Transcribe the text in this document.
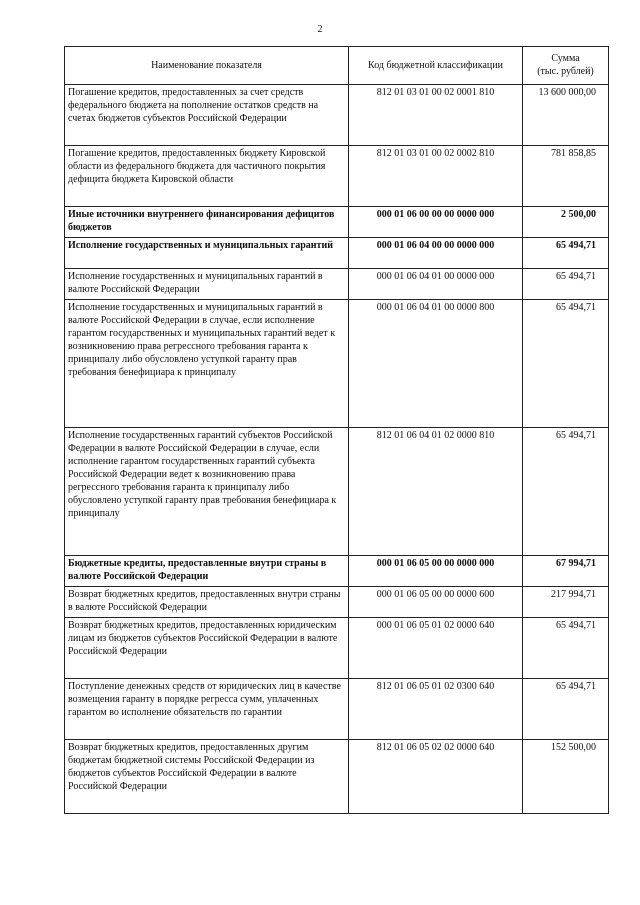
2
Наименование показателя	Код бюджетной классификации	Сумма
(тыс. рублей)
Погашение кредитов, предоставленных за счет средств федерального бюджета на пополнение остатков средств на счетах бюджетов субъектов Российской Федерации	812 01 03 01 00 02 0001 810	13 600 000,00
Погашение кредитов, предоставленных бюджету Кировской области из федерального бюджета для частичного покрытия дефицита бюджета Кировской области	812 01 03 01 00 02 0002 810	781 858,85
Иные источники внутреннего финансирования дефицитов бюджетов	000 01 06 00 00 00 0000 000	2 500,00
Исполнение государственных и муниципальных гарантий	000 01 06 04 00 00 0000 000	65 494,71
Исполнение государственных и муниципальных гарантий в валюте Российской Федерации	000 01 06 04 01 00 0000 000	65 494,71
Исполнение государственных и муниципальных гарантий в валюте Российской Федерации в случае, если исполнение гарантом государственных и муниципальных гарантий ведет к возникновению права регрессного требования гаранта к принципалу либо обусловлено уступкой гаранту прав требования бенефициара к принципалу	000 01 06 04 01 00 0000 800	65 494,71
Исполнение государственных гарантий субъектов Российской Федерации в валюте Российской Федерации в случае, если исполнение гарантом государственных гарантий субъекта Российской Федерации ведет к возникновению права регрессного требования гаранта к принципалу либо обусловлено уступкой гаранту прав требования бенефициара к принципалу	812 01 06 04 01 02 0000 810	65 494,71
Бюджетные кредиты, предоставленные внутри страны в валюте Российской Федерации	000 01 06 05 00 00 0000 000	67 994,71
Возврат бюджетных кредитов, предоставленных внутри страны в валюте Российской Федерации	000 01 06 05 00 00 0000 600	217 994,71
Возврат бюджетных кредитов, предоставленных юридическим лицам из бюджетов субъектов Российской Федерации в валюте Российской Федерации	000 01 06 05 01 02 0000 640	65 494,71
Поступление денежных средств от юридических лиц в качестве возмещения гаранту в порядке регресса сумм, уплаченных гарантом во исполнение обязательств по гарантии	812 01 06 05 01 02 0300 640	65 494,71
Возврат бюджетных кредитов, предоставленных другим бюджетам бюджетной системы Российской Федерации из бюджетов субъектов Российской Федерации в валюте Российской Федерации	812 01 06 05 02 02 0000 640	152 500,00
